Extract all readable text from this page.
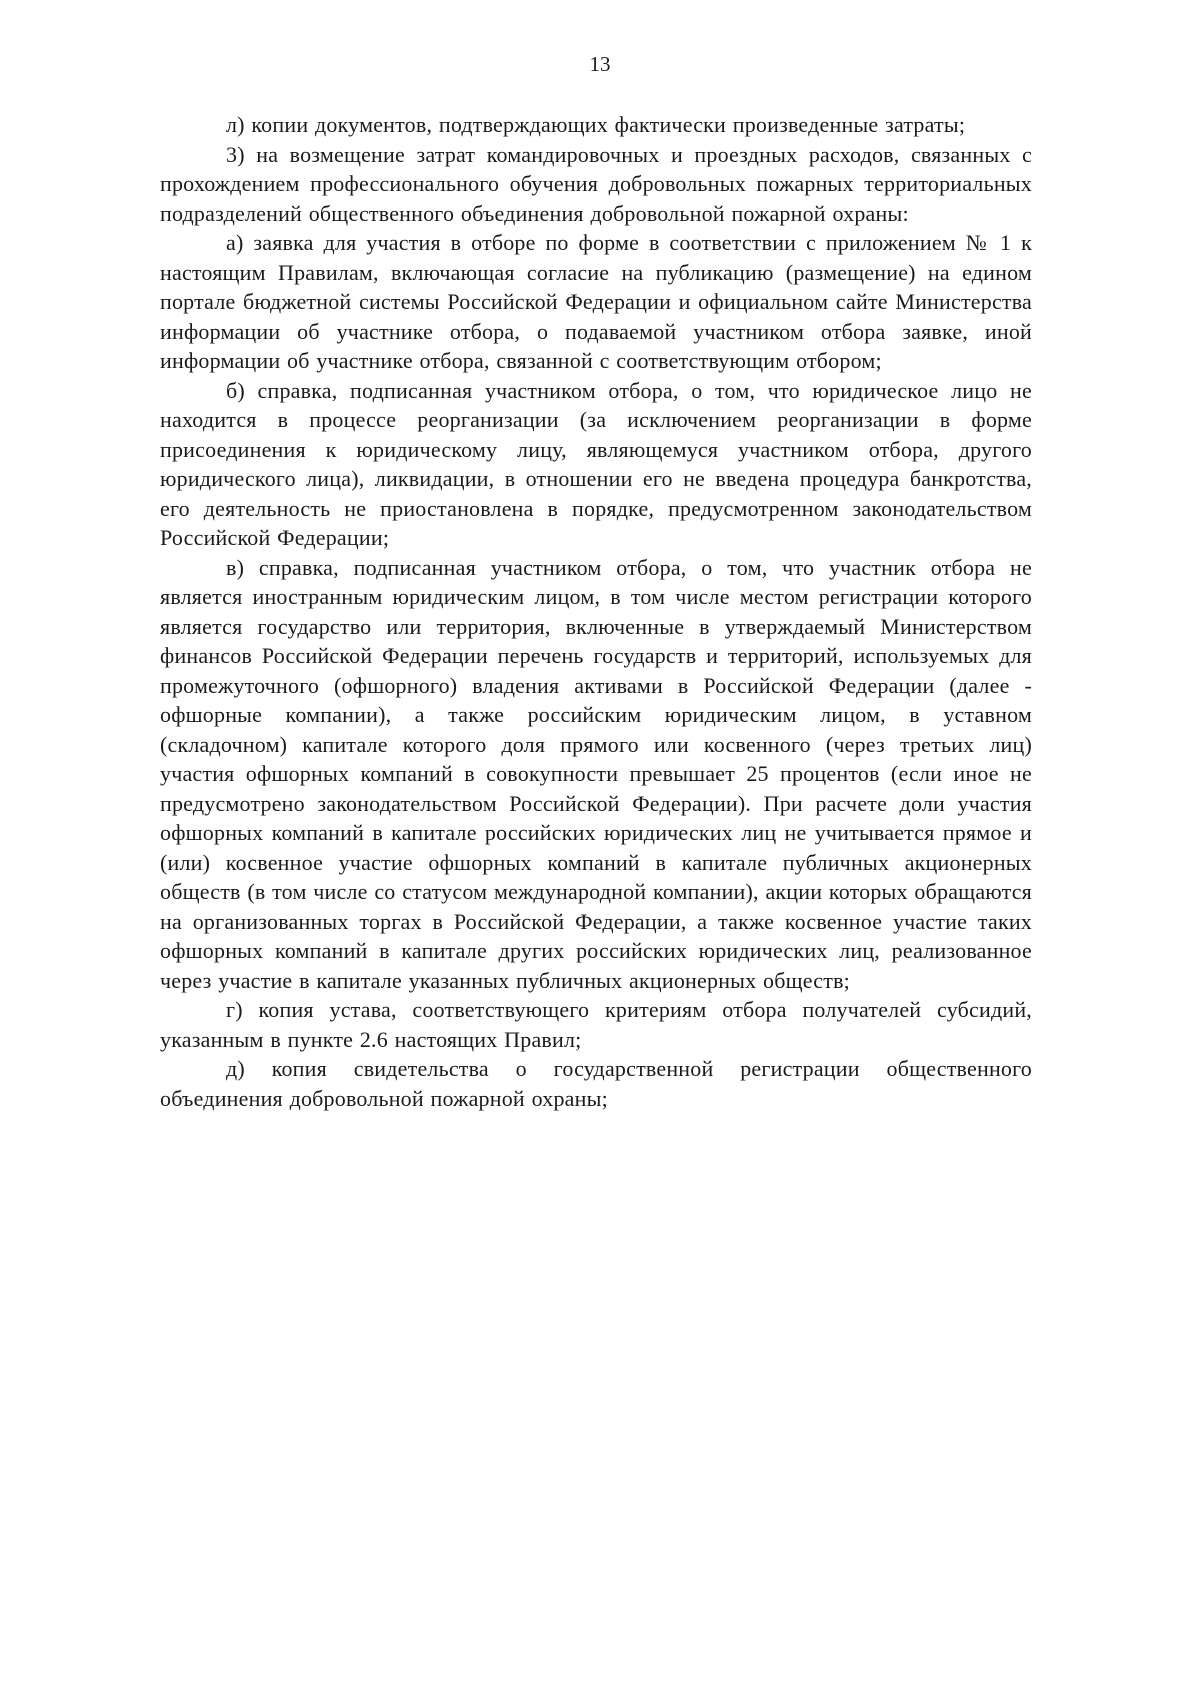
13

л) копии документов, подтверждающих фактически произведенные затраты;

3) на возмещение затрат командировочных и проездных расходов, связанных с прохождением профессионального обучения добровольных пожарных территориальных подразделений общественного объединения добровольной пожарной охраны:

а) заявка для участия в отборе по форме в соответствии с приложением № 1 к настоящим Правилам, включающая согласие на публикацию (размещение) на едином портале бюджетной системы Российской Федерации и официальном сайте Министерства информации об участнике отбора, о подаваемой участником отбора заявке, иной информации об участнике отбора, связанной с соответствующим отбором;

б) справка, подписанная участником отбора, о том, что юридическое лицо не находится в процессе реорганизации (за исключением реорганизации в форме присоединения к юридическому лицу, являющемуся участником отбора, другого юридического лица), ликвидации, в отношении его не введена процедура банкротства, его деятельность не приостановлена в порядке, предусмотренном законодательством Российской Федерации;

в) справка, подписанная участником отбора, о том, что участник отбора не является иностранным юридическим лицом, в том числе местом регистрации которого является государство или территория, включенные в утверждаемый Министерством финансов Российской Федерации перечень государств и территорий, используемых для промежуточного (офшорного) владения активами в Российской Федерации (далее - офшорные компании), а также российским юридическим лицом, в уставном (складочном) капитале которого доля прямого или косвенного (через третьих лиц) участия офшорных компаний в совокупности превышает 25 процентов (если иное не предусмотрено законодательством Российской Федерации). При расчете доли участия офшорных компаний в капитале российских юридических лиц не учитывается прямое и (или) косвенное участие офшорных компаний в капитале публичных акционерных обществ (в том числе со статусом международной компании), акции которых обращаются на организованных торгах в Российской Федерации, а также косвенное участие таких офшорных компаний в капитале других российских юридических лиц, реализованное через участие в капитале указанных публичных акционерных обществ;

г) копия устава, соответствующего критериям отбора получателей субсидий, указанным в пункте 2.6 настоящих Правил;

д) копия свидетельства о государственной регистрации общественного объединения добровольной пожарной охраны;
